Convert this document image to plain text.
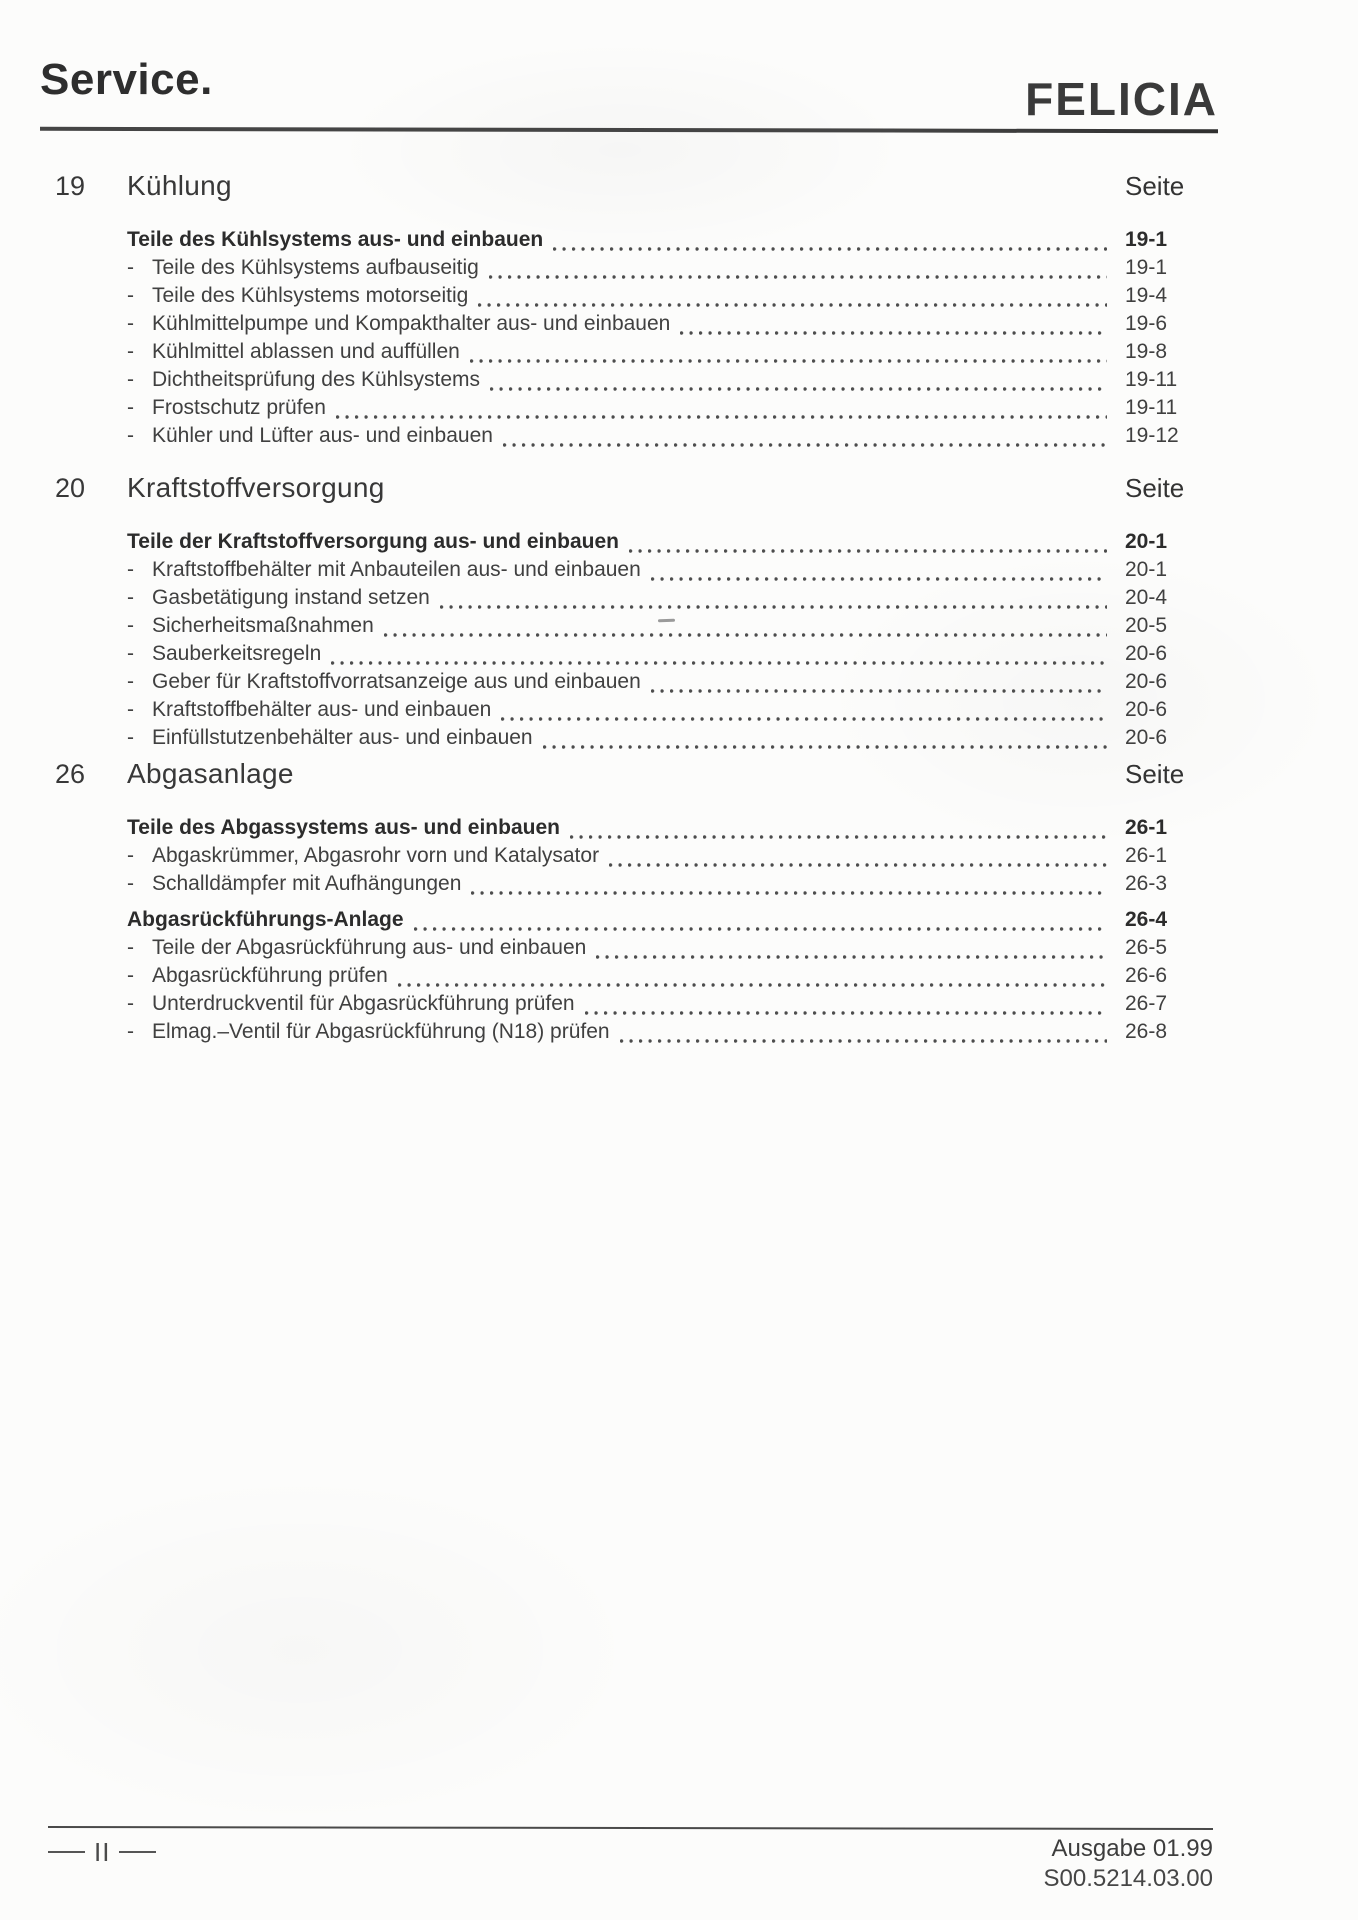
Service.	FELICIA
19	Kühlung	Seite
Teile des Kühlsystems aus- und einbauen	19-1
- Teile des Kühlsystems aufbauseitig	19-1
- Teile des Kühlsystems motorseitig	19-4
- Kühlmittelpumpe und Kompakthalter aus- und einbauen	19-6
- Kühlmittel ablassen und auffüllen	19-8
- Dichtheitsprüfung des Kühlsystems	19-11
- Frostschutz prüfen	19-11
- Kühler und Lüfter aus- und einbauen	19-12
20	Kraftstoffversorgung	Seite
Teile der Kraftstoffversorgung aus- und einbauen	20-1
- Kraftstoffbehälter mit Anbauteilen aus- und einbauen	20-1
- Gasbetätigung instand setzen	20-4
- Sicherheitsmaßnahmen	20-5
- Sauberkeitsregeln	20-6
- Geber für Kraftstoffvorratsanzeige aus und einbauen	20-6
- Kraftstoffbehälter aus- und einbauen	20-6
- Einfüllstutzenbehälter aus- und einbauen	20-6
26	Abgasanlage	Seite
Teile des Abgassystems aus- und einbauen	26-1
- Abgaskrümmer, Abgasrohr vorn und Katalysator	26-1
- Schalldämpfer mit Aufhängungen	26-3
Abgasrückführungs-Anlage	26-4
- Teile der Abgasrückführung aus- und einbauen	26-5
- Abgasrückführung prüfen	26-6
- Unterdruckventil für Abgasrückführung prüfen	26-7
- Elmag.–Ventil für Abgasrückführung (N18) prüfen	26-8
II	Ausgabe 01.99
S00.5214.03.00
